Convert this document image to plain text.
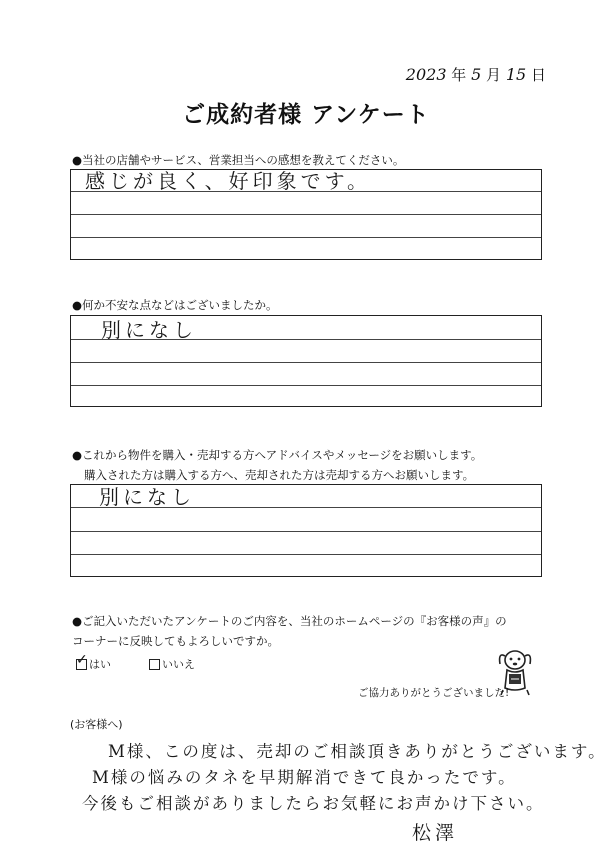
2023 年 5 月 15 日
ご成約者様 アンケート
●当社の店舗やサービス、営業担当への感想を教えてください。
感じが良く、好印象です。
●何か不安な点などはございましたか。
別になし
●これから物件を購入・売却する方へアドバイスやメッセージをお願いします。
購入された方は購入する方へ、売却された方は売却する方へお願いします。
別になし
●ご記入いただいたアンケートのご内容を、当社のホームページの『お客様の声』の
コーナーに反映してもよろしいですか。
✓
はい	いいえ
ご協力ありがとうございました!
(お客様へ)
M様、この度は、売却のご相談頂きありがとうございます。
M様の悩みのタネを早期解消できて良かったです。
今後もご相談がありましたらお気軽にお声かけ下さい。
松澤
